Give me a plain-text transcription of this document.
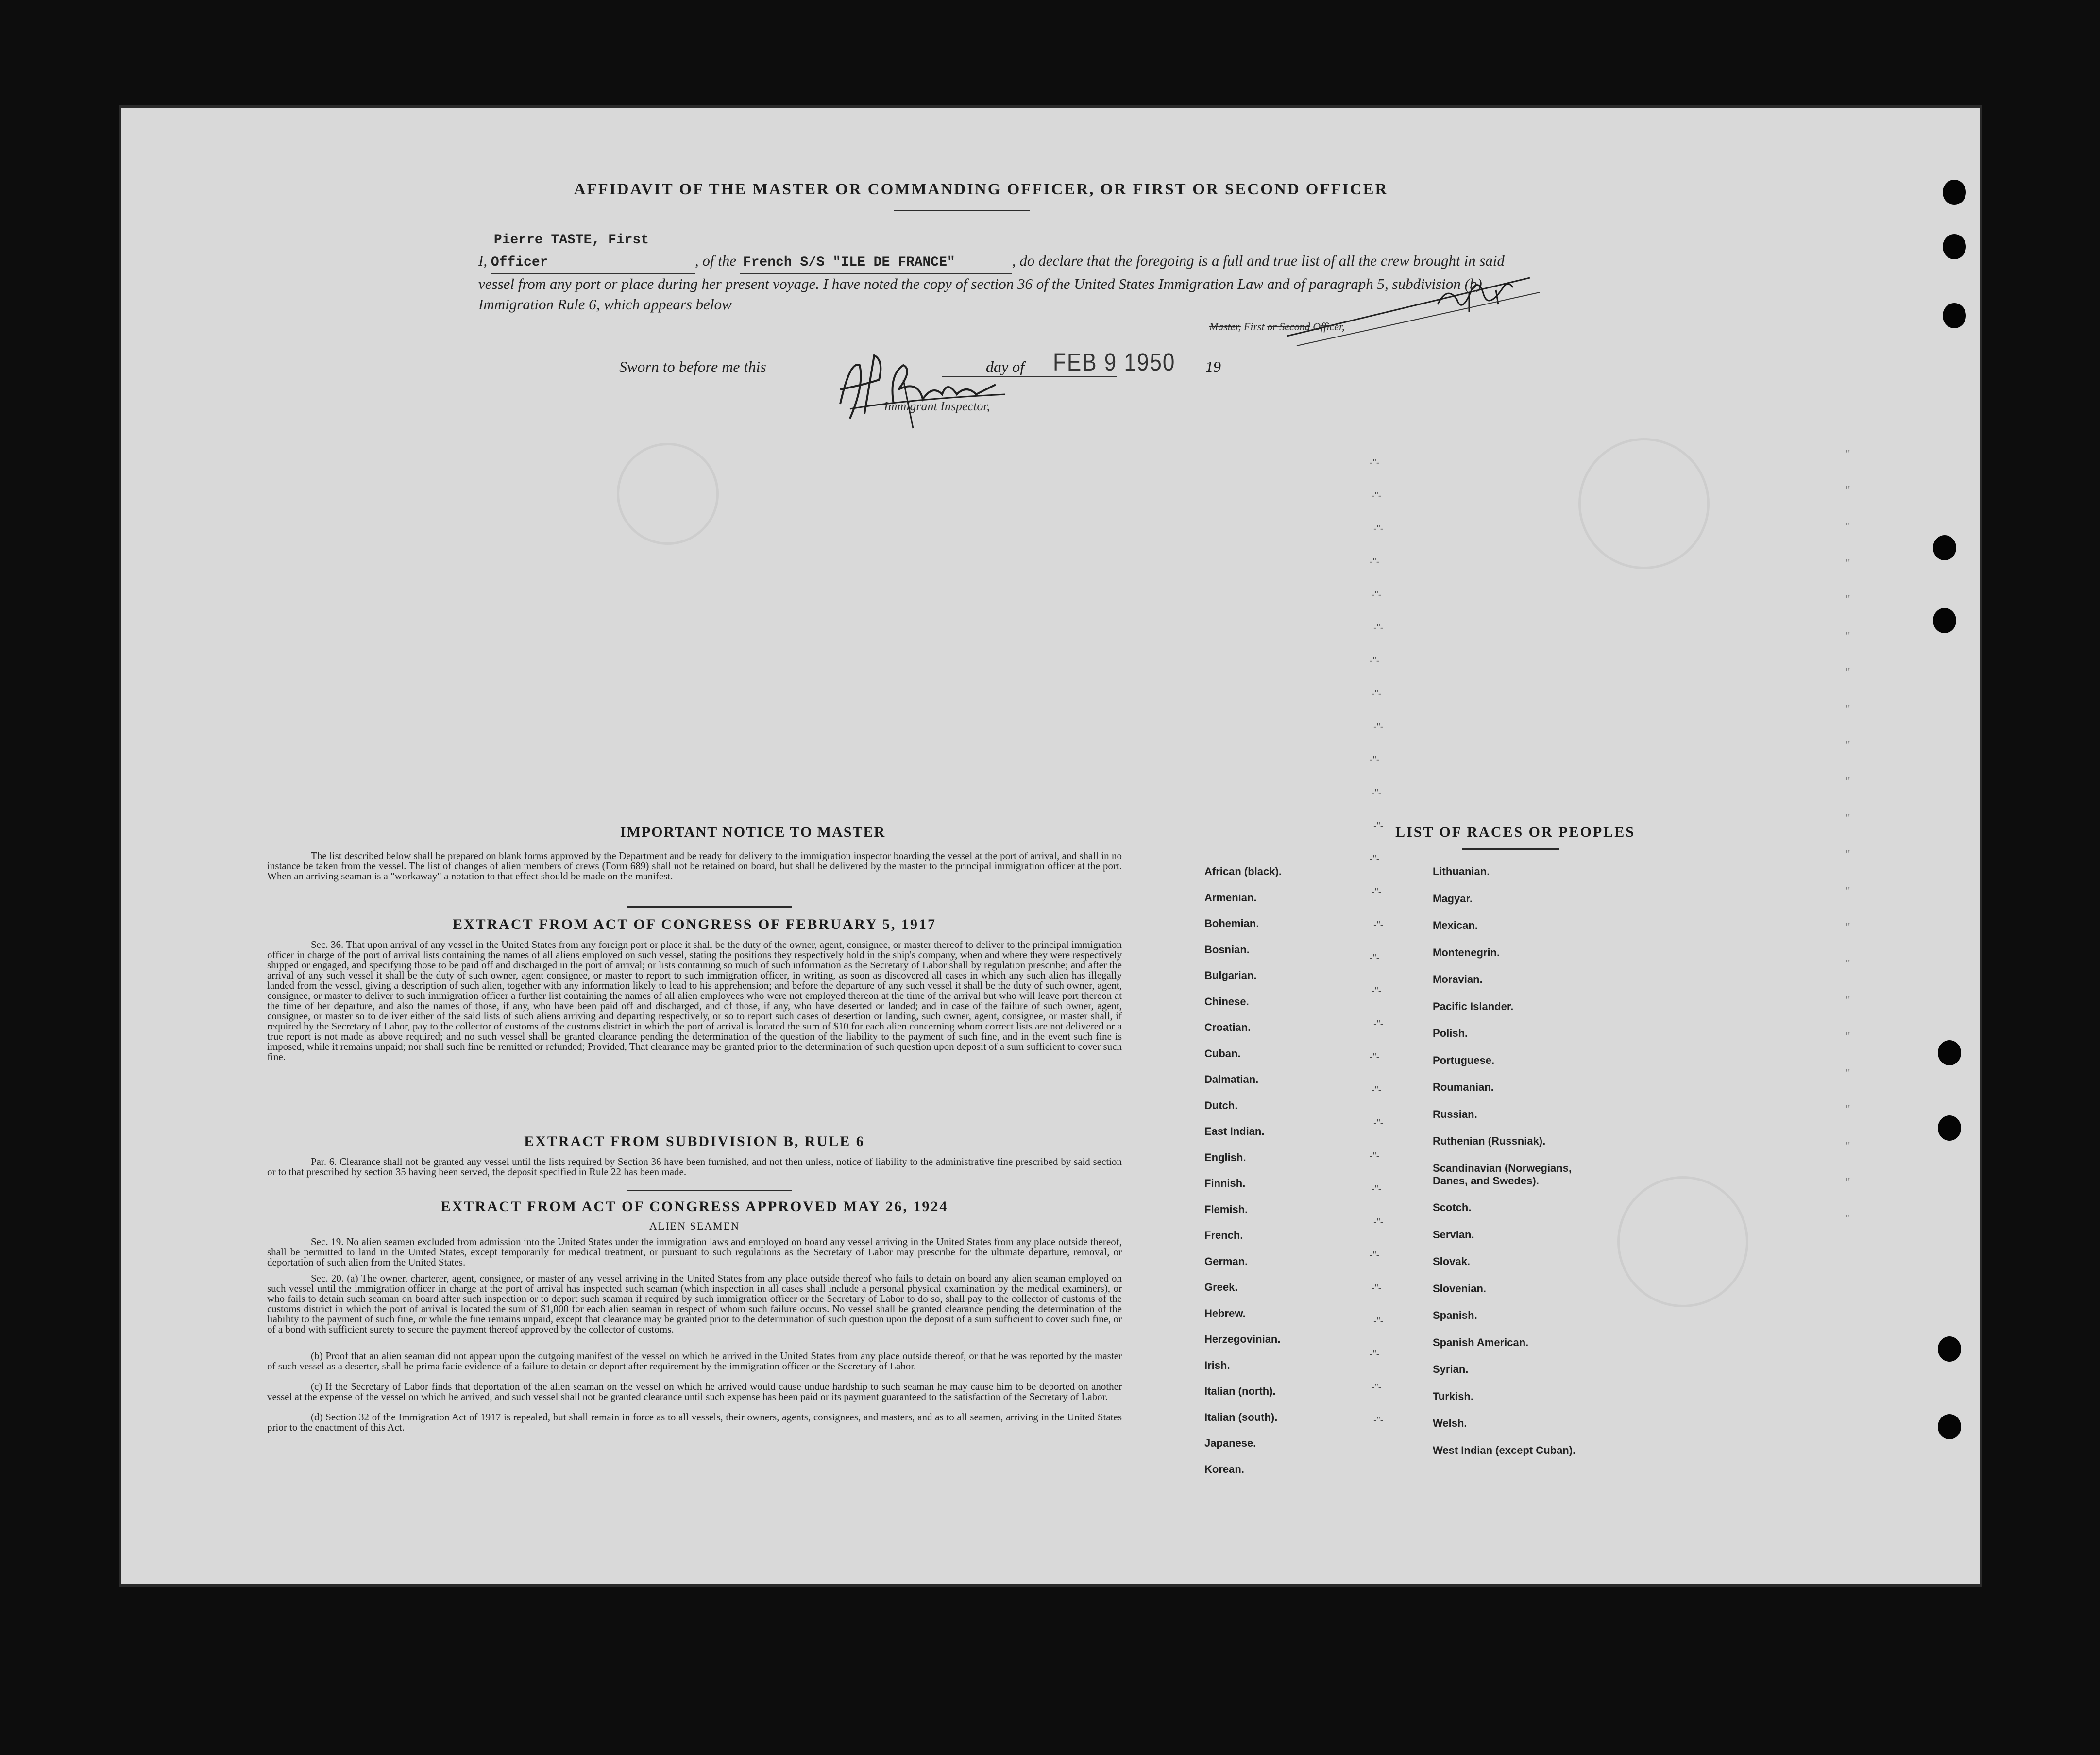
AFFIDAVIT OF THE MASTER OR COMMANDING OFFICER, OR FIRST OR SECOND OFFICER
I, Pierre TASTE, First Officer	, of the French S/S "ILE DE FRANCE"	, do declare that the foregoing is a full and true list of all the crew brought in said vessel from any port or place during her present voyage. I have noted the copy of section 36 of the United States Immigration Law and of paragraph 5, subdivision (b) Immigration Rule 6, which appears below
Master, First or Second Officer,
Sworn to before me this	day of FEB 9 1950 19
Immigrant Inspector,
IMPORTANT NOTICE TO MASTER
The list described below shall be prepared on blank forms approved by the Department and be ready for delivery to the immigration inspector boarding the vessel at the port of arrival, and shall in no instance be taken from the vessel. The list of changes of alien members of crews (Form 689) shall not be retained on board, but shall be delivered by the master to the principal immigration officer at the port. When an arriving seaman is a "workaway" a notation to that effect should be made on the manifest.
EXTRACT FROM ACT OF CONGRESS OF FEBRUARY 5, 1917
Sec. 36. That upon arrival of any vessel in the United States from any foreign port or place it shall be the duty of the owner, agent, consignee, or master thereof to deliver to the principal immigration officer in charge of the port of arrival lists containing the names of all aliens employed on such vessel, stating the positions they respectively hold in the ship's company, when and where they were respectively shipped or engaged, and specifying those to be paid off and discharged in the port of arrival; or lists containing so much of such information as the Secretary of Labor shall by regulation prescribe; and after the arrival of any such vessel it shall be the duty of such owner, agent consignee, or master to report to such immigration officer, in writing, as soon as discovered all cases in which any such alien has illegally landed from the vessel, giving a description of such alien, together with any information likely to lead to his apprehension; and before the departure of any such vessel it shall be the duty of such owner, agent, consignee, or master to deliver to such immigration officer a further list containing the names of all alien employees who were not employed thereon at the time of the arrival but who will leave port thereon at the time of her departure, and also the names of those, if any, who have been paid off and discharged, and of those, if any, who have deserted or landed; and in case of the failure of such owner, agent, consignee, or master so to deliver either of the said lists of such aliens arriving and departing respectively, or so to report such cases of desertion or landing, such owner, agent, consignee, or master shall, if required by the Secretary of Labor, pay to the collector of customs of the customs district in which the port of arrival is located the sum of $10 for each alien concerning whom correct lists are not delivered or a true report is not made as above required; and no such vessel shall be granted clearance pending the determination of the question of the liability to the payment of such fine, and in the event such fine is imposed, while it remains unpaid; nor shall such fine be remitted or refunded; Provided, That clearance may be granted prior to the determination of such question upon deposit of a sum sufficient to cover such fine.
EXTRACT FROM SUBDIVISION B, RULE 6
Par. 6. Clearance shall not be granted any vessel until the lists required by Section 36 have been furnished, and not then unless, notice of liability to the administrative fine prescribed by said section or to that prescribed by section 35 having been served, the deposit specified in Rule 22 has been made.
EXTRACT FROM ACT OF CONGRESS APPROVED MAY 26, 1924
ALIEN SEAMEN
Sec. 19. No alien seamen excluded from admission into the United States under the immigration laws and employed on board any vessel arriving in the United States from any place outside thereof, shall be permitted to land in the United States, except temporarily for medical treatment, or pursuant to such regulations as the Secretary of Labor may prescribe for the ultimate departure, removal, or deportation of such alien from the United States.
Sec. 20. (a) The owner, charterer, agent, consignee, or master of any vessel arriving in the United States from any place outside thereof who fails to detain on board any alien seaman employed on such vessel until the immigration officer in charge at the port of arrival has inspected such seaman (which inspection in all cases shall include a personal physical examination by the medical examiners), or who fails to detain such seaman on board after such inspection or to deport such seaman if required by such immigration officer or the Secretary of Labor to do so, shall pay to the collector of customs of the customs district in which the port of arrival is located the sum of $1,000 for each alien seaman in respect of whom such failure occurs. No vessel shall be granted clearance pending the determination of the liability to the payment of such fine, or while the fine remains unpaid, except that clearance may be granted prior to the determination of such question upon the deposit of a sum sufficient to cover such fine, or of a bond with sufficient surety to secure the payment thereof approved by the collector of customs.
(b) Proof that an alien seaman did not appear upon the outgoing manifest of the vessel on which he arrived in the United States from any place outside thereof, or that he was reported by the master of such vessel as a deserter, shall be prima facie evidence of a failure to detain or deport after requirement by the immigration officer or the Secretary of Labor.
(c) If the Secretary of Labor finds that deportation of the alien seaman on the vessel on which he arrived would cause undue hardship to such seaman he may cause him to be deported on another vessel at the expense of the vessel on which he arrived, and such vessel shall not be granted clearance until such expense has been paid or its payment guaranteed to the satisfaction of the Secretary of Labor.
(d) Section 32 of the Immigration Act of 1917 is repealed, but shall remain in force as to all vessels, their owners, agents, consignees, and masters, and as to all seamen, arriving in the United States prior to the enactment of this Act.
LIST OF RACES OR PEOPLES
African (black).
Armenian.
Bohemian.
Bosnian.
Bulgarian.
Chinese.
Croatian.
Cuban.
Dalmatian.
Dutch.
East Indian.
English.
Finnish.
Flemish.
French.
German.
Greek.
Hebrew.
Herzegovinian.
Irish.
Italian (north).
Italian (south).
Japanese.
Korean.
Lithuanian.
Magyar.
Mexican.
Montenegrin.
Moravian.
Pacific Islander.
Polish.
Portuguese.
Roumanian.
Russian.
Ruthenian (Russniak).
Scandinavian (Norwegians, Danes, and Swedes).
Scotch.
Servian.
Slovak.
Slovenian.
Spanish.
Spanish American.
Syrian.
Turkish.
Welsh.
West Indian (except Cuban).
-"-
-"-
-"-
-"-
-"-
-"-
-"-
-"-
-"-
-"-
-"-
-"-
-"-
-"-
-"-
-"-
-"-
-"-
-"-
-"-
-"-
-"-
-"-
-"-
-"-
-"-
-"-
-"-
-"-
-"-
"
"
"
"
"
"
"
"
"
"
"
"
"
"
"
"
"
"
"
"
"
"
